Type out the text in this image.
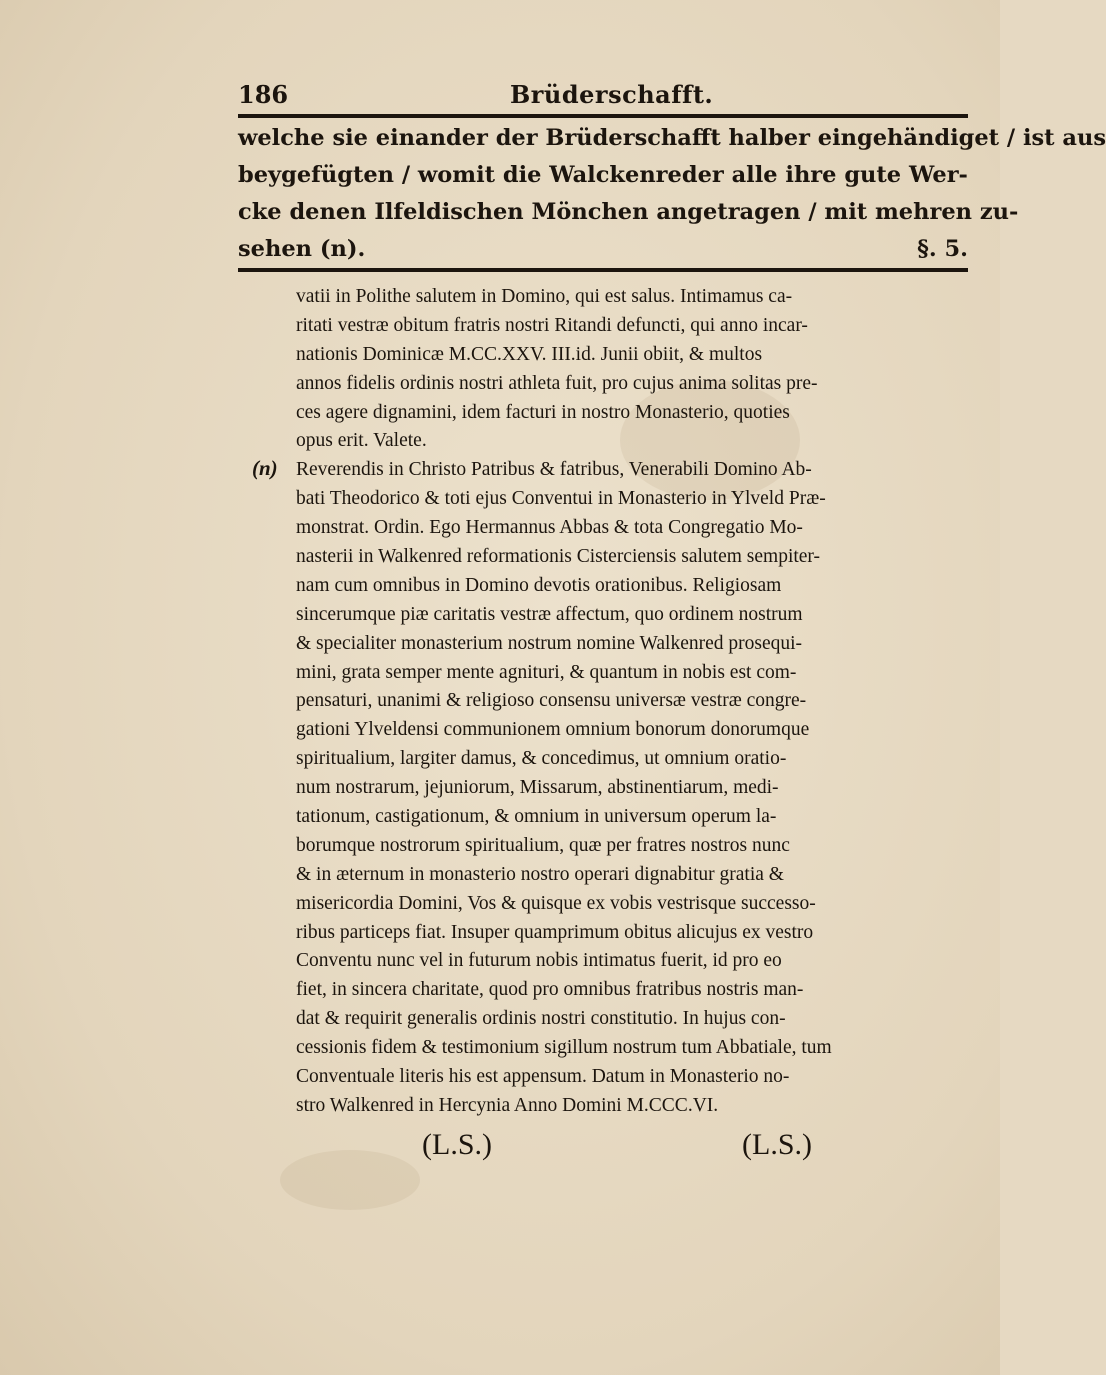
186	Brüderschafft.
welche sie einander der Brüderschafft halber eingehändiget / ist aus
beygefügten / womit die Walckenreder alle ihre gute Wer-
cke denen Ilfeldischen Mönchen angetragen / mit mehren zu-
sehen (n).	§. 5.
(n)
vatii in Polithe salutem in Domino, qui est salus. Intimamus ca-
ritati vestræ obitum fratris nostri Ritandi defuncti, qui anno incar-
nationis Dominicæ M.CC.XXV. III.id. Junii obiit, & multos
annos fidelis ordinis nostri athleta fuit, pro cujus anima solitas pre-
ces agere dignamini, idem facturi in nostro Monasterio, quoties
opus erit. Valete.
Reverendis in Christo Patribus & fatribus, Venerabili Domino Ab-
bati Theodorico & toti ejus Conventui in Monasterio in Ylveld Præ-
monstrat. Ordin. Ego Hermannus Abbas & tota Congregatio Mo-
nasterii in Walkenred reformationis Cisterciensis salutem sempiter-
nam cum omnibus in Domino devotis orationibus. Religiosam
sincerumque piæ caritatis vestræ affectum, quo ordinem nostrum
& specialiter monasterium nostrum nomine Walkenred prosequi-
mini, grata semper mente agnituri, & quantum in nobis est com-
pensaturi, unanimi & religioso consensu universæ vestræ congre-
gationi Ylveldensi communionem omnium bonorum donorumque
spiritualium, largiter damus, & concedimus, ut omnium oratio-
num nostrarum, jejuniorum, Missarum, abstinentiarum, medi-
tationum, castigationum, & omnium in universum operum la-
borumque nostrorum spiritualium, quæ per fratres nostros nunc
& in æternum in monasterio nostro operari dignabitur gratia &
misericordia Domini, Vos & quisque ex vobis vestrisque successo-
ribus particeps fiat. Insuper quamprimum obitus alicujus ex vestro
Conventu nunc vel in futurum nobis intimatus fuerit, id pro eo
fiet, in sincera charitate, quod pro omnibus fratribus nostris man-
dat & requirit generalis ordinis nostri constitutio. In hujus con-
cessionis fidem & testimonium sigillum nostrum tum Abbatiale, tum
Conventuale literis his est appensum. Datum in Monasterio no-
stro Walkenred in Hercynia Anno Domini M.CCC.VI.
(L.S.)	(L.S.)
